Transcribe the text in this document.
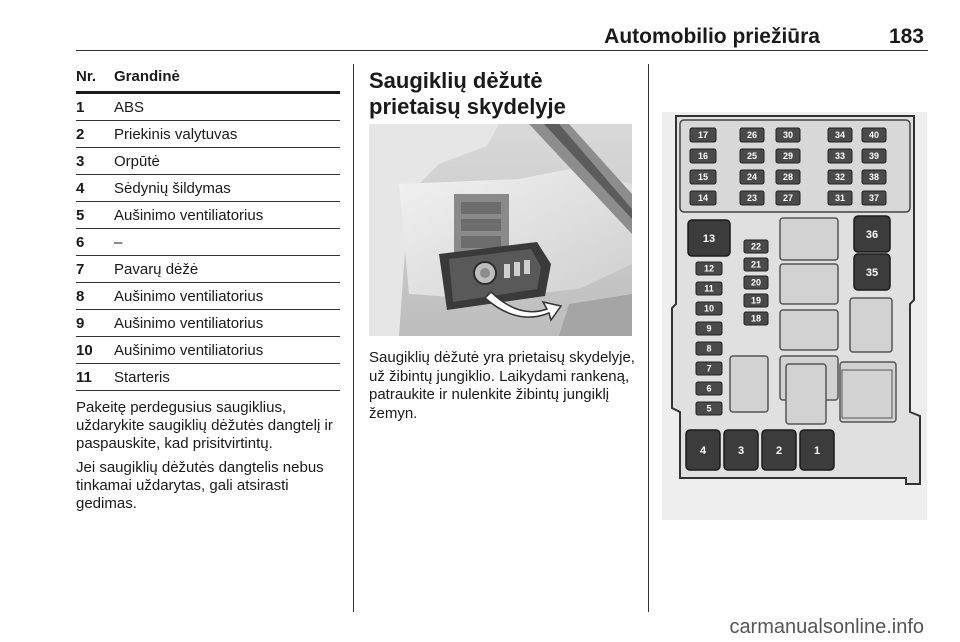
Automobilio priežiūra	183
Nr.	Grandinė
1	ABS
2	Priekinis valytuvas
3	Orpūtė
4	Sėdynių šildymas
5	Aušinimo ventiliatorius
6	–
7	Pavarų dėžė
8	Aušinimo ventiliatorius
9	Aušinimo ventiliatorius
10	Aušinimo ventiliatorius
11	Starteris
Pakeitę perdegusius saugiklius, uždarykite saugiklių dėžutės dangtelį ir paspauskite, kad prisitvirtintų.
Jei saugiklių dėžutės dangtelis nebus tinkamai uždarytas, gali atsirasti gedimas.
Saugiklių dėžutė prietaisų skydelyje
Saugiklių dėžutė yra prietaisų skydelyje, už žibintų jungiklio. Laikydami rankeną, patraukite ir nulenkite žibintų jungiklį žemyn.
17
16
15
14
26	30
25	29
24	28
23	27
34	40
33	39
32	38
31	37
13	36
35
22
21
20
19
18
12
11
10
9
8
7
6
5
4	3	2	1
carmanualsonline.info
